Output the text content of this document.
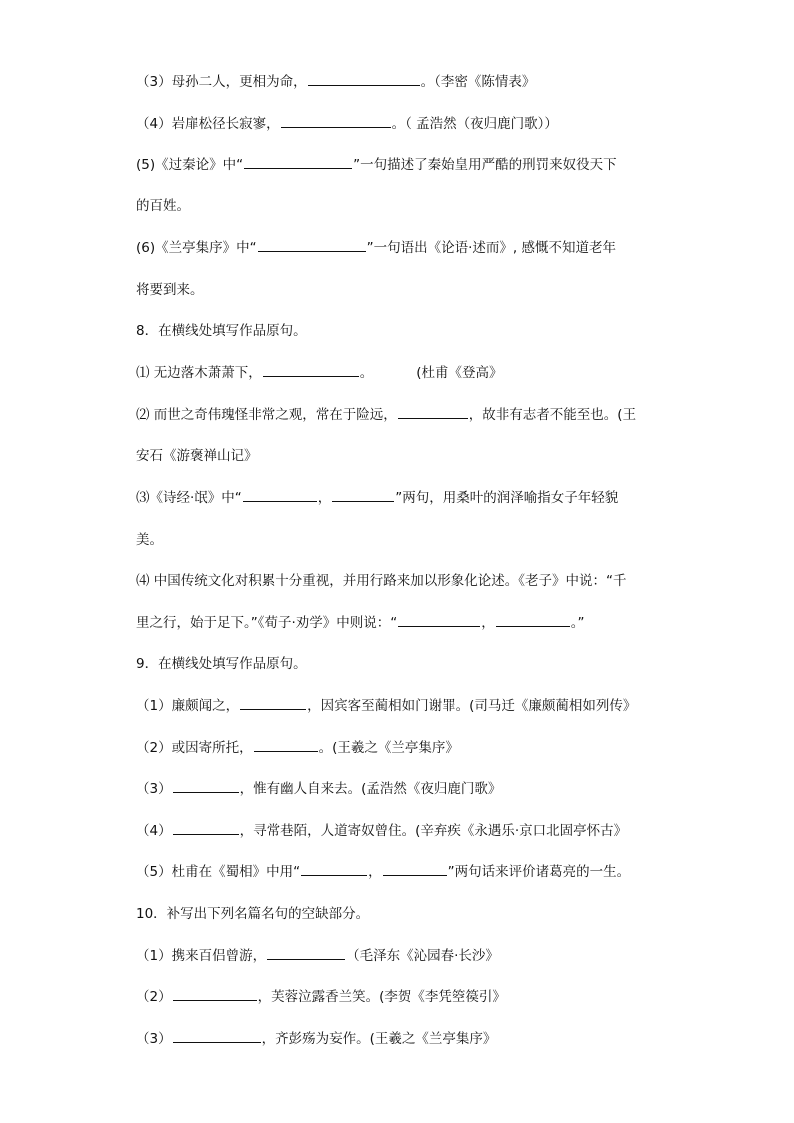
（3）母孙二人，更相为命，	。（李密《陈情表》
（4）岩扉松径长寂寥，	。（ 孟浩然（夜归鹿门歌））
(5)《过秦论》中“	”一句描述了秦始皇用严酷的刑罚来奴役天下
的百姓。
(6)《兰亭集序》中“	”一句语出《论语·述而》, 感慨不知道老年
将要到来。
8．在横线处填写作品原句。
⑴ 无边落木萧萧下，	。          (杜甫《登高》
⑵ 而世之奇伟瑰怪非常之观，常在于险远，	，故非有志者不能至也。(王
安石《游褒禅山记》
⑶《诗经·氓》中“	，	”两句，用桑叶的润泽喻指女子年轻貌
美。
⑷ 中国传统文化对积累十分重视，并用行路来加以形象化论述。《老子》中说：“千
里之行，始于足下。”《荀子·劝学》中则说：“	，	。”
9．在横线处填写作品原句。
（1）廉颇闻之，	，因宾客至蔺相如门谢罪。(司马迁《廉颇蔺相如列传》
（2）或因寄所托，	。(王羲之《兰亭集序》
（3）	，惟有幽人自来去。(孟浩然《夜归鹿门歌》
（4）	，寻常巷陌，人道寄奴曾住。(辛弃疾《永遇乐·京口北固亭怀古》
（5）杜甫在《蜀相》中用“	，	”两句话来评价诸葛亮的一生。
10．补写出下列名篇名句的空缺部分。
（1）携来百侣曾游，	（毛泽东《沁园春·长沙》
（2）	，芙蓉泣露香兰笑。(李贺《李凭箜篌引》
（3）	，齐彭殇为妄作。(王羲之《兰亭集序》
